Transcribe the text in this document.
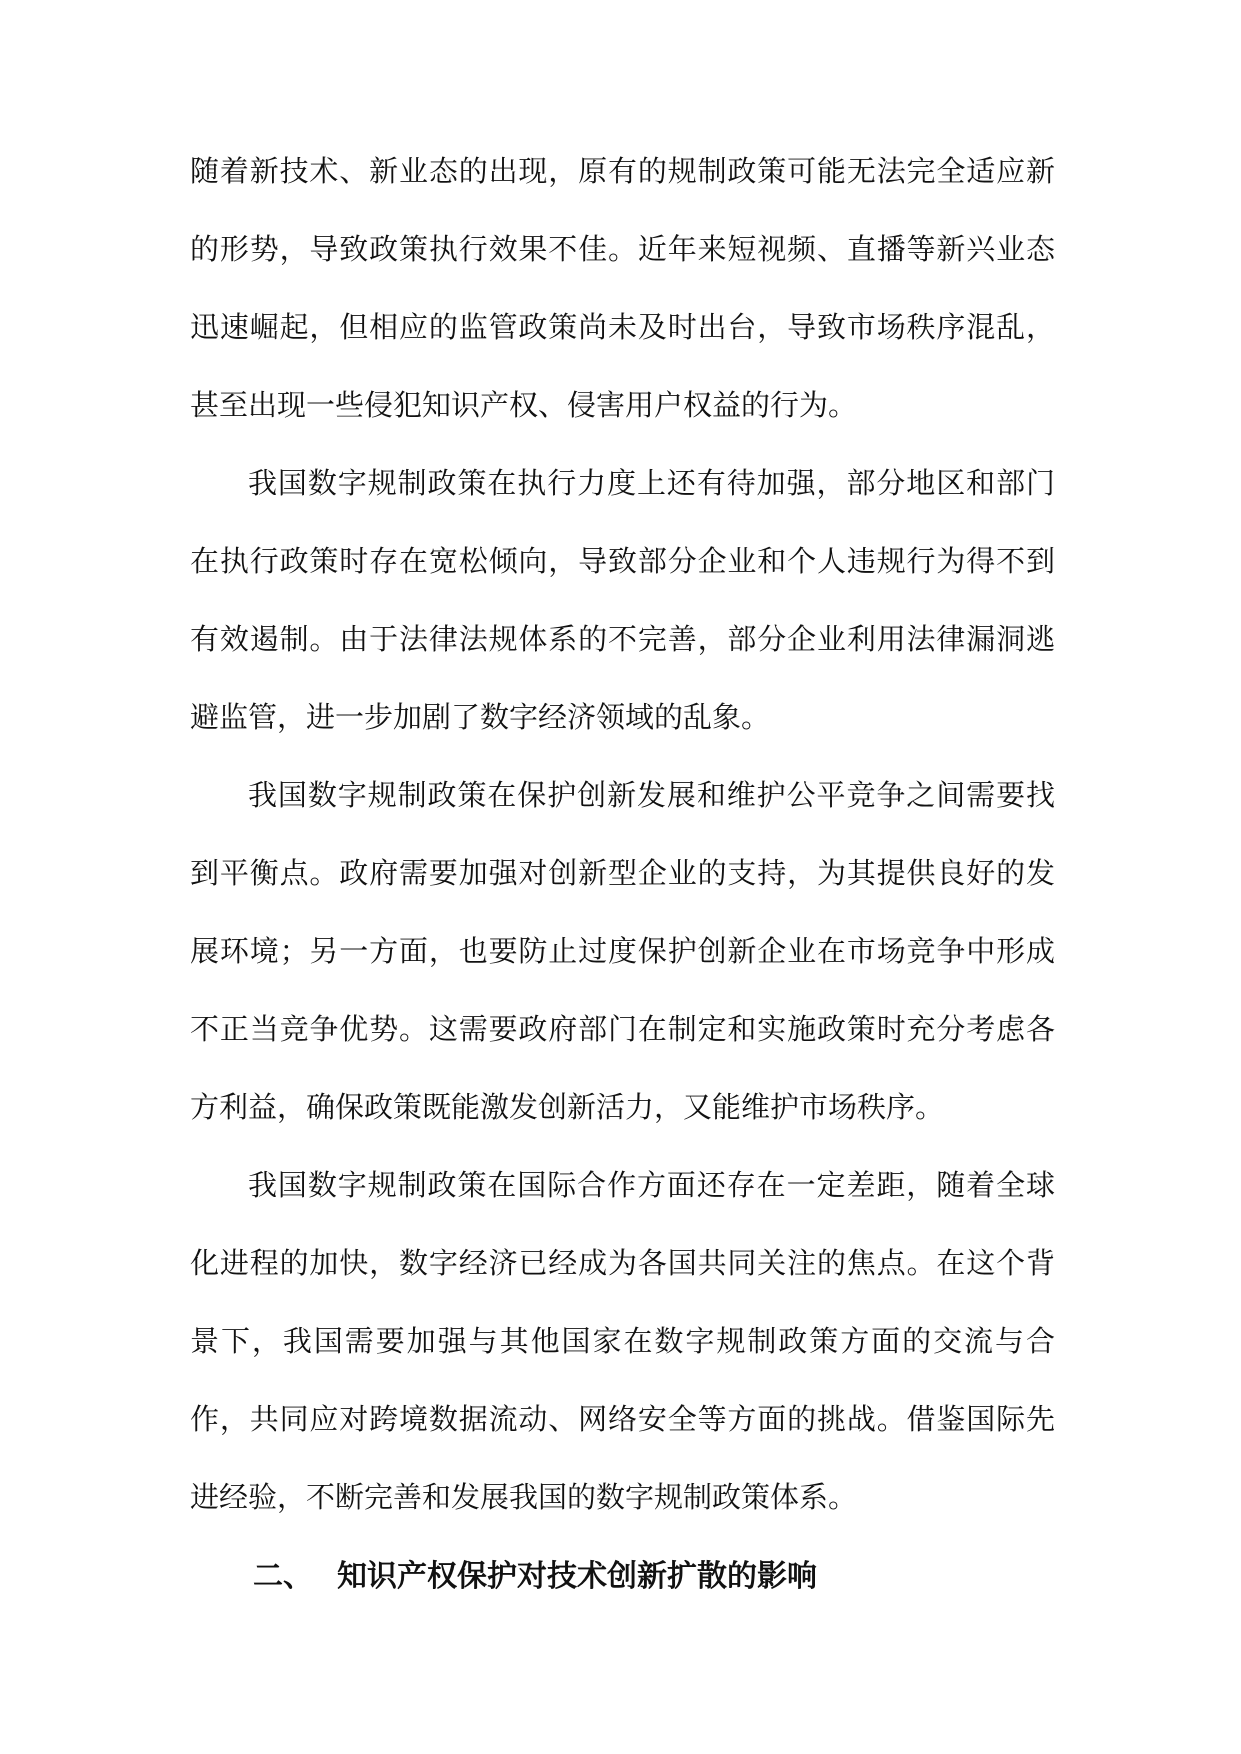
随着新技术、新业态的出现，原有的规制政策可能无法完全适应新的形势，导致政策执行效果不佳。近年来短视频、直播等新兴业态迅速崛起，但相应的监管政策尚未及时出台，导致市场秩序混乱，甚至出现一些侵犯知识产权、侵害用户权益的行为。

我国数字规制政策在执行力度上还有待加强，部分地区和部门在执行政策时存在宽松倾向，导致部分企业和个人违规行为得不到有效遏制。由于法律法规体系的不完善，部分企业利用法律漏洞逃避监管，进一步加剧了数字经济领域的乱象。

我国数字规制政策在保护创新发展和维护公平竞争之间需要找到平衡点。政府需要加强对创新型企业的支持，为其提供良好的发展环境；另一方面，也要防止过度保护创新企业在市场竞争中形成不正当竞争优势。这需要政府部门在制定和实施政策时充分考虑各方利益，确保政策既能激发创新活力，又能维护市场秩序。

我国数字规制政策在国际合作方面还存在一定差距，随着全球化进程的加快，数字经济已经成为各国共同关注的焦点。在这个背景下，我国需要加强与其他国家在数字规制政策方面的交流与合作，共同应对跨境数据流动、网络安全等方面的挑战。借鉴国际先进经验，不断完善和发展我国的数字规制政策体系。

二、 知识产权保护对技术创新扩散的影响
